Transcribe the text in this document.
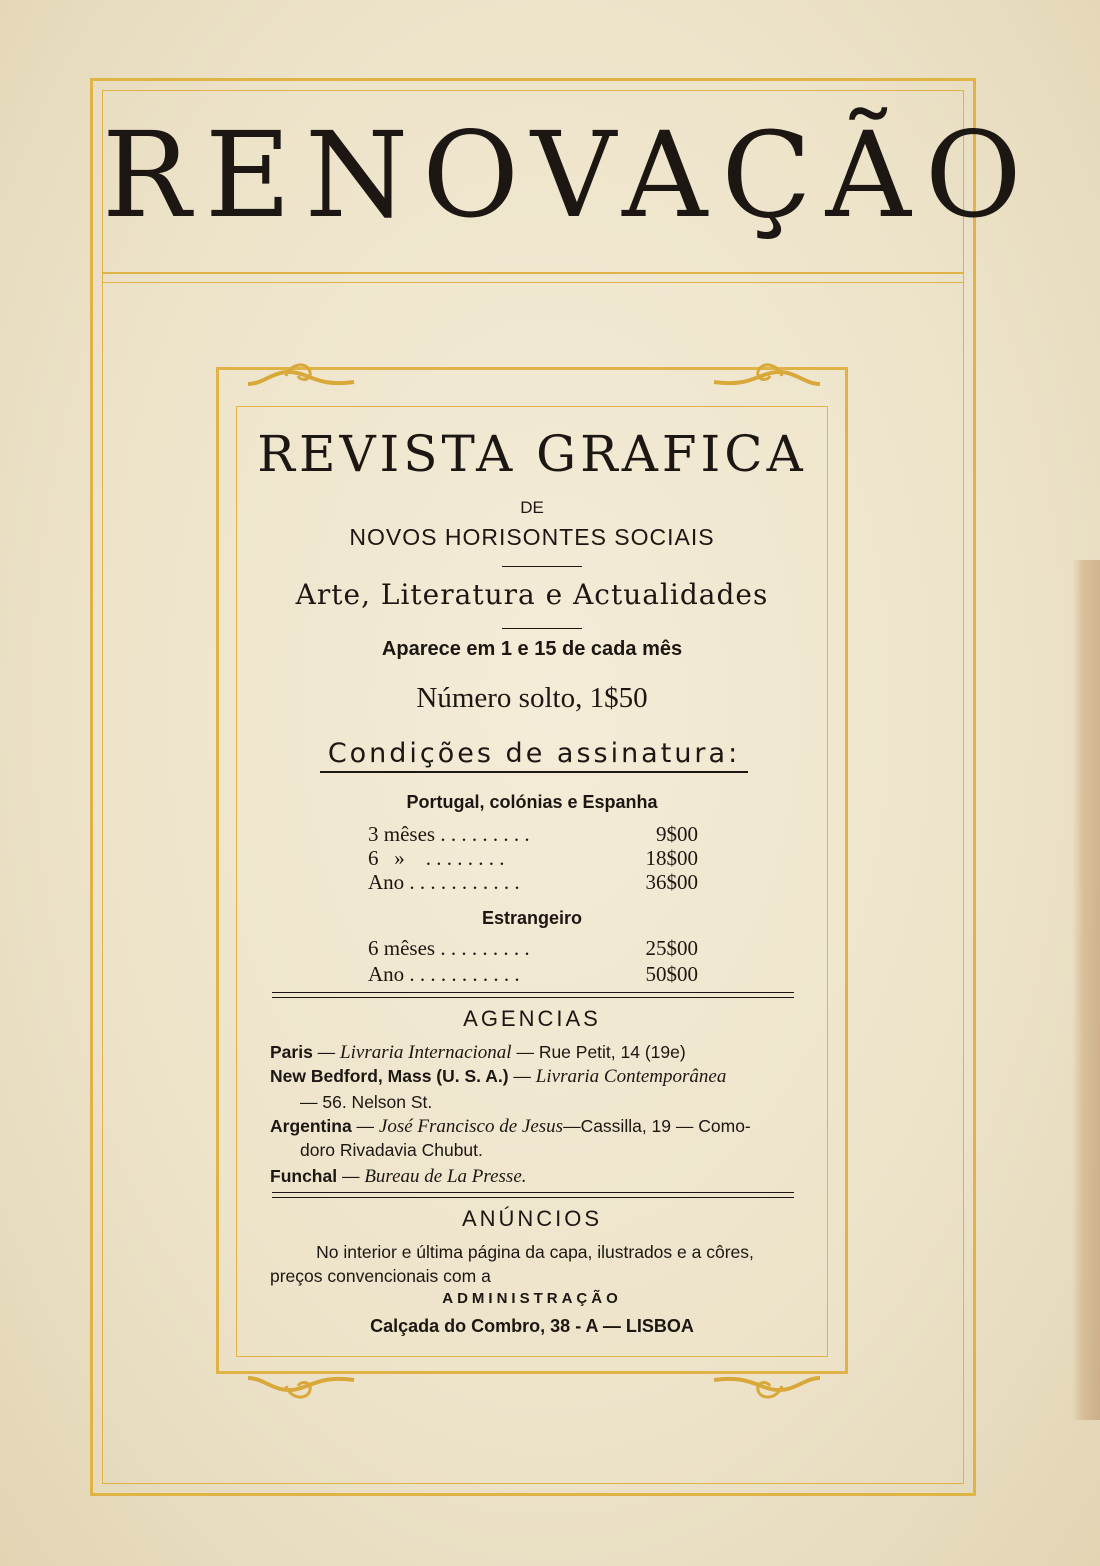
RENOVAÇÃO
REVISTA GRAFICA
DE
NOVOS HORISONTES SOCIAIS
Arte, Literatura e Actualidades
Aparece em 1 e 15 de cada mês
Número solto, 1$50
Condições de assinatura:
Portugal, colónias e Espanha
3 mêses . . . . . . . . .	9$00
6   »    . . . . . . . .	18$00
Ano . . . . . . . . . . .	36$00
Estrangeiro
6 mêses . . . . . . . . .	25$00
Ano . . . . . . . . . . .	50$00
AGENCIAS
Paris — Livraria Internacional — Rue Petit, 14 (19e)
New Bedford, Mass (U. S. A.) — Livraria Contemporânea
— 56. Nelson St.
Argentina — José Francisco de Jesus—Cassilla, 19 — Como-
doro Rivadavia Chubut.
Funchal — Bureau de La Presse.
ANÚNCIOS
No interior e última página da capa, ilustrados e a côres,
preços convencionais com a
ADMINISTRAÇÃO
Calçada do Combro, 38 - A — LISBOA
